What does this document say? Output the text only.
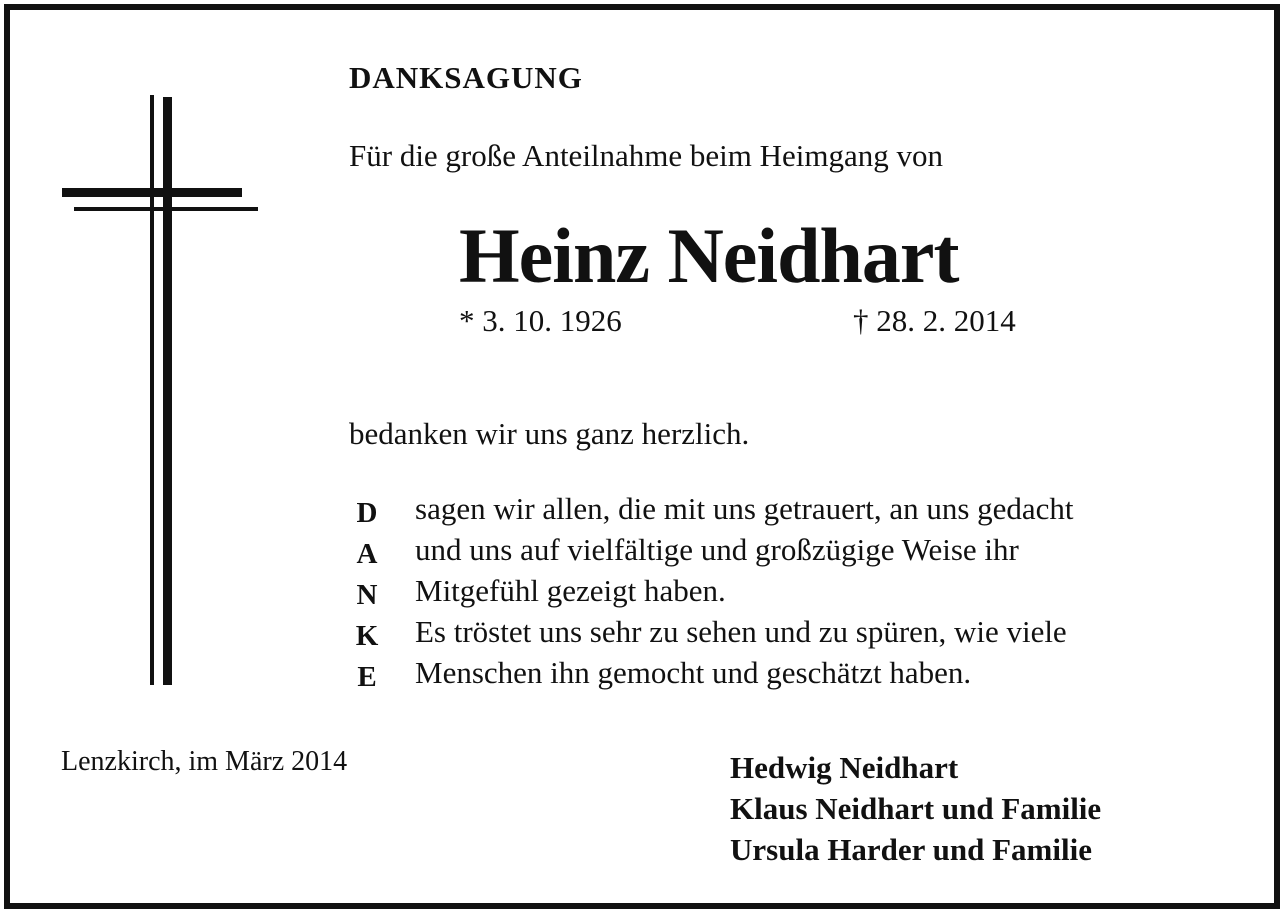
DANKSAGUNG
Für die große Anteilnahme beim Heimgang von
Heinz Neidhart
* 3. 10. 1926	† 28. 2. 2014
bedanken wir uns ganz herzlich.
D
A
N
K
E
sagen wir allen, die mit uns getrauert, an uns gedacht
und uns auf vielfältige und großzügige Weise ihr
Mitgefühl gezeigt haben.
Es tröstet uns sehr zu sehen und zu spüren, wie viele
Menschen ihn gemocht und geschätzt haben.
Lenzkirch, im März 2014	Hedwig Neidhart
Klaus Neidhart und Familie
Ursula Harder und Familie
